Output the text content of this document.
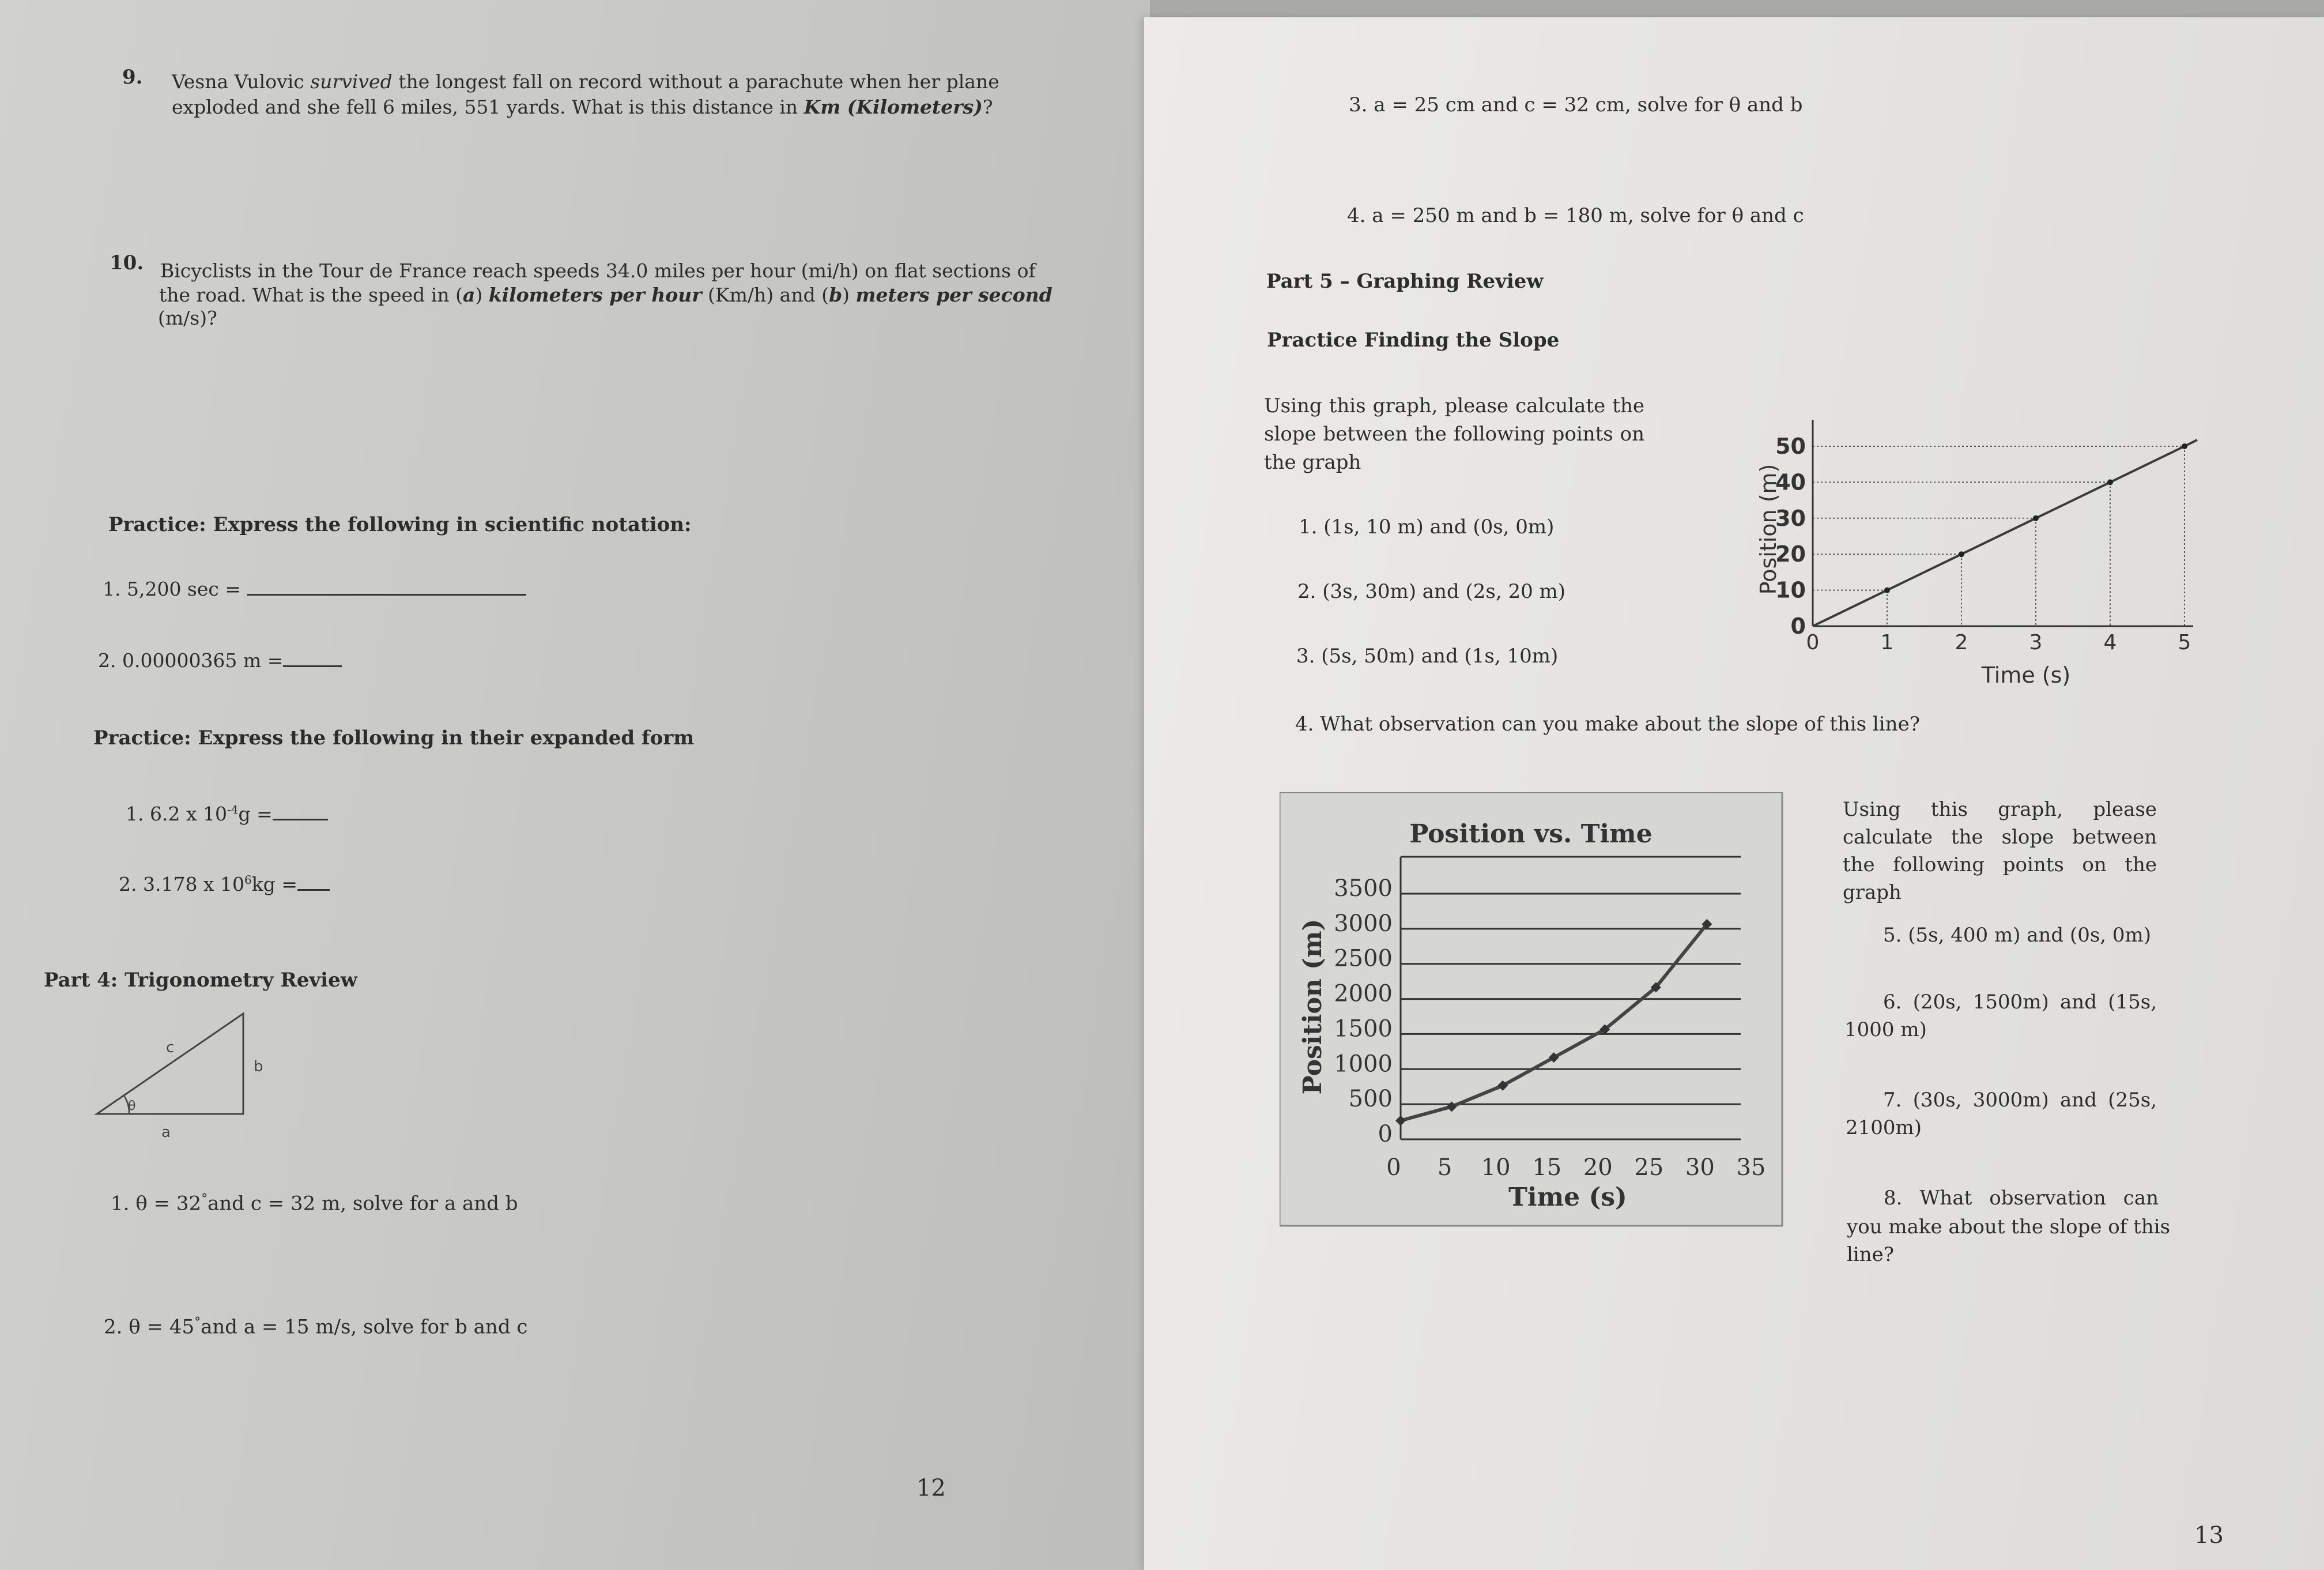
9. Vesna Vulovic survived the longest fall on record without a parachute when her plane
exploded and she fell 6 miles, 551 yards. What is this distance in Km (Kilometers)?
10. Bicyclists in the Tour de France reach speeds 34.0 miles per hour (mi/h) on flat sections of
the road. What is the speed in (a) kilometers per hour (Km/h) and (b) meters per second
(m/s)?
Practice: Express the following in scientific notation:
1. 5,200 sec =
2. 0.00000365 m =
Practice: Express the following in their expanded form
1. 6.2 x $10^{-4}g$ =
2. 3.178 x $10^6kg$ =
Part 4: Trigonometry Review
c
b
a
θ
1. θ = 32°and c = 32 m, solve for a and b
2. θ = 45°and a = 15 m/s, solve for b and c
12
3. a = 25 cm and c = 32 cm, solve for θ and b
4. a = 250 m and b = 180 m, solve for θ and c
Part 5 – Graphing Review
Practice Finding the Slope
Using this graph, please calculate the slope between the following points on the graph
1. (1s, 10 m) and (0s, 0m)
2. (3s, 30m) and (2s, 20 m)
3. (5s, 50m) and (1s, 10m)
4. What observation can you make about the slope of this line?
0
10
20
30
40
50
0	1	2	3	4	5
Time (s)
Position (m)
Position vs. Time
0
500
1000
1500
2000
2500
3000
3500
0 5 10 15 20 25 30 35
Time (s)
Position (m)
Using this graph, please calculate the slope between the following points on the graph
5. (5s, 400 m) and (0s, 0m)
6. (20s, 1500m) and (15s,
1000 m)
7. (30s, 3000m) and (25s,
2100m)
8. What observation can
you make about the slope of this
line?
13
